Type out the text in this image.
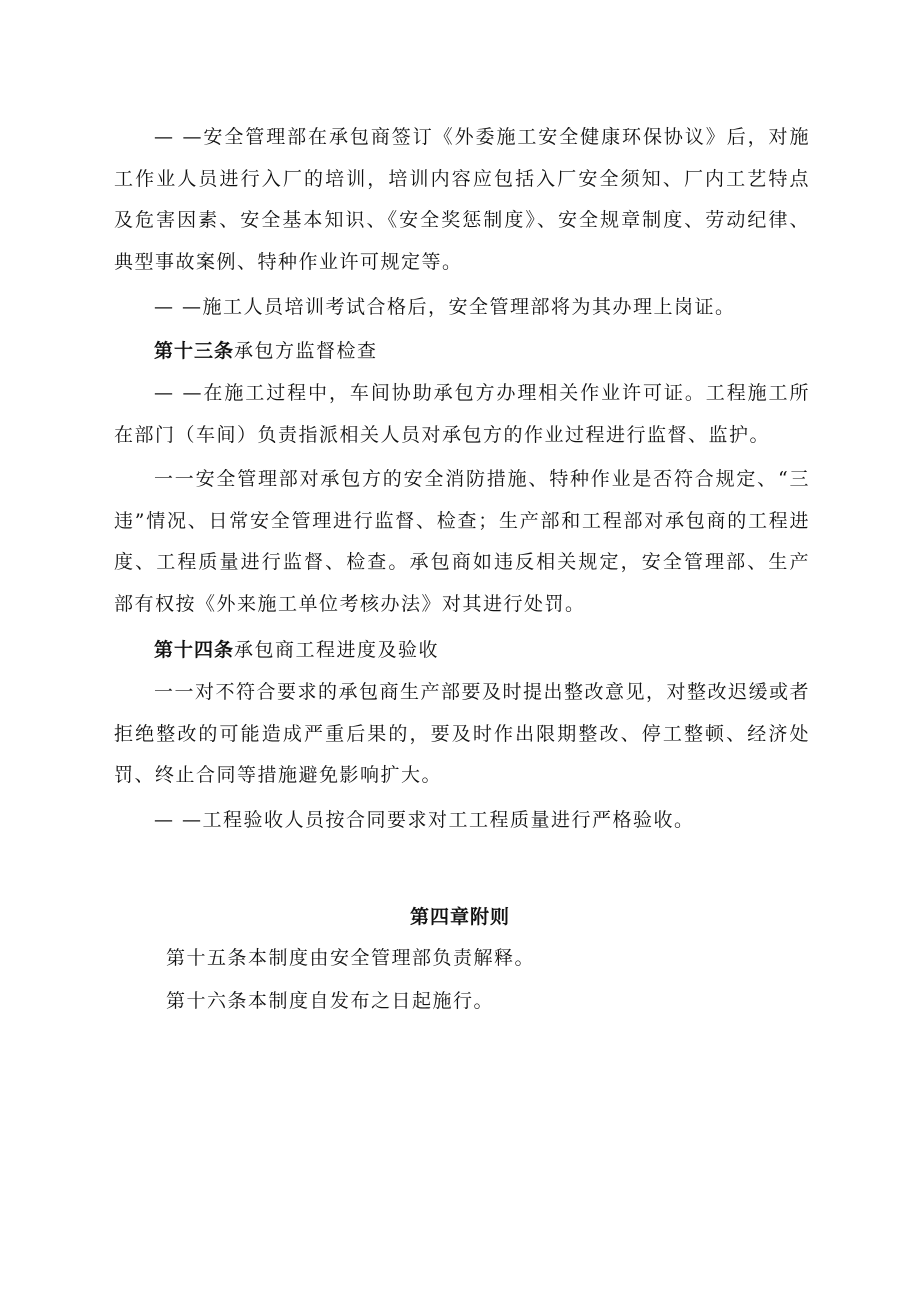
— —安全管理部在承包商签订《外委施工安全健康环保协议》后，对施工作业人员进行入厂的培训，培训内容应包括入厂安全须知、厂内工艺特点及危害因素、安全基本知识、《安全奖惩制度》、安全规章制度、劳动纪律、典型事故案例、特种作业许可规定等。

— —施工人员培训考试合格后，安全管理部将为其办理上岗证。

第十三条承包方监督检查

— —在施工过程中，车间协助承包方办理相关作业许可证。工程施工所在部门（车间）负责指派相关人员对承包方的作业过程进行监督、监护。

一一安全管理部对承包方的安全消防措施、特种作业是否符合规定、“三违”情况、日常安全管理进行监督、检查；生产部和工程部对承包商的工程进度、工程质量进行监督、检查。承包商如违反相关规定，安全管理部、生产部有权按《外来施工单位考核办法》对其进行处罚。

第十四条承包商工程进度及验收

一一对不符合要求的承包商生产部要及时提出整改意见，对整改迟缓或者拒绝整改的可能造成严重后果的，要及时作出限期整改、停工整顿、经济处罚、终止合同等措施避免影响扩大。

— —工程验收人员按合同要求对工工程质量进行严格验收。

第四章附则

第十五条本制度由安全管理部负责解释。

第十六条本制度自发布之日起施行。
